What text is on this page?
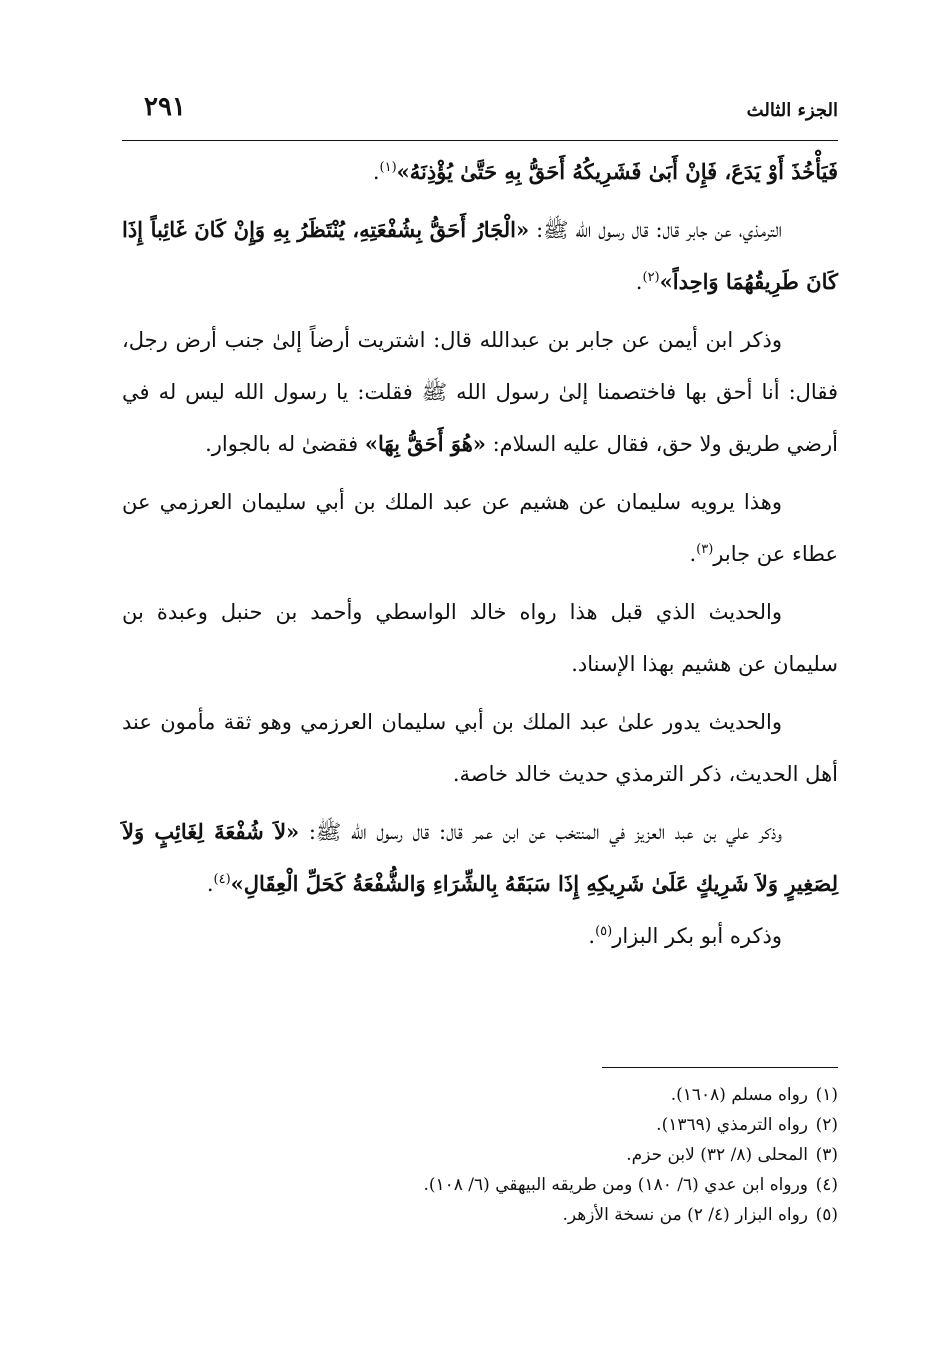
٢٩١	الجزء الثالث

فَيَأْخُذَ أَوْ يَدَعَ، فَإِنْ أَبَىٰ فَشَرِيكُهُ أَحَقُّ بِهِ حَتَّىٰ يُؤْذِنَهُ»$^{(١)}$.

الترمذي، عن جابر قال: قال رسول الله ﷺ: «الْجَارُ أَحَقُّ بِشُفْعَتِهِ، يُنْتَظَرُ بِهِ وَإِنْ كَانَ غَائِباً إِذَا كَانَ طَرِيقُهُمَا وَاحِداً»$^{(٢)}$.

وذكر ابن أيمن عن جابر بن عبدالله قال: اشتريت أرضاً إلىٰ جنب أرض رجل، فقال: أنا أحق بها فاختصمنا إلىٰ رسول الله ﷺ فقلت: يا رسول الله ليس له في أرضي طريق ولا حق، فقال عليه السلام: «هُوَ أَحَقُّ بِهَا» فقضىٰ له بالجوار.

وهذا يرويه سليمان عن هشيم عن عبد الملك بن أبي سليمان العرزمي عن عطاء عن جابر$^{(٣)}$.

والحديث الذي قبل هذا رواه خالد الواسطي وأحمد بن حنبل وعبدة بن سليمان عن هشيم بهذا الإسناد.

والحديث يدور علىٰ عبد الملك بن أبي سليمان العرزمي وهو ثقة مأمون عند أهل الحديث، ذكر الترمذي حديث خالد خاصة.

وذكر علي بن عبد العزيز في المنتخب عن ابن عمر قال: قال رسول الله ﷺ: «لاَ شُفْعَةَ لِغَائِبٍ وَلاَ لِصَغِيرٍ وَلاَ شَرِيكٍ عَلَىٰ شَرِيكِهِ إِذَا سَبَقَهُ بِالشِّرَاءِ وَالشُّفْعَةُ كَحَلِّ الْعِقَالِ»$^{(٤)}$.

وذكره أبو بكر البزار$^{(٥)}$.

(١)رواه مسلم (١٦٠٨).
(٢)رواه الترمذي (١٣٦٩).
(٣)المحلى (٨/ ٣٢) لابن حزم.
(٤)ورواه ابن عدي (٦/ ١٨٠) ومن طريقه البيهقي (٦/ ١٠٨).
(٥)رواه البزار (٤/ ٢) من نسخة الأزهر.
